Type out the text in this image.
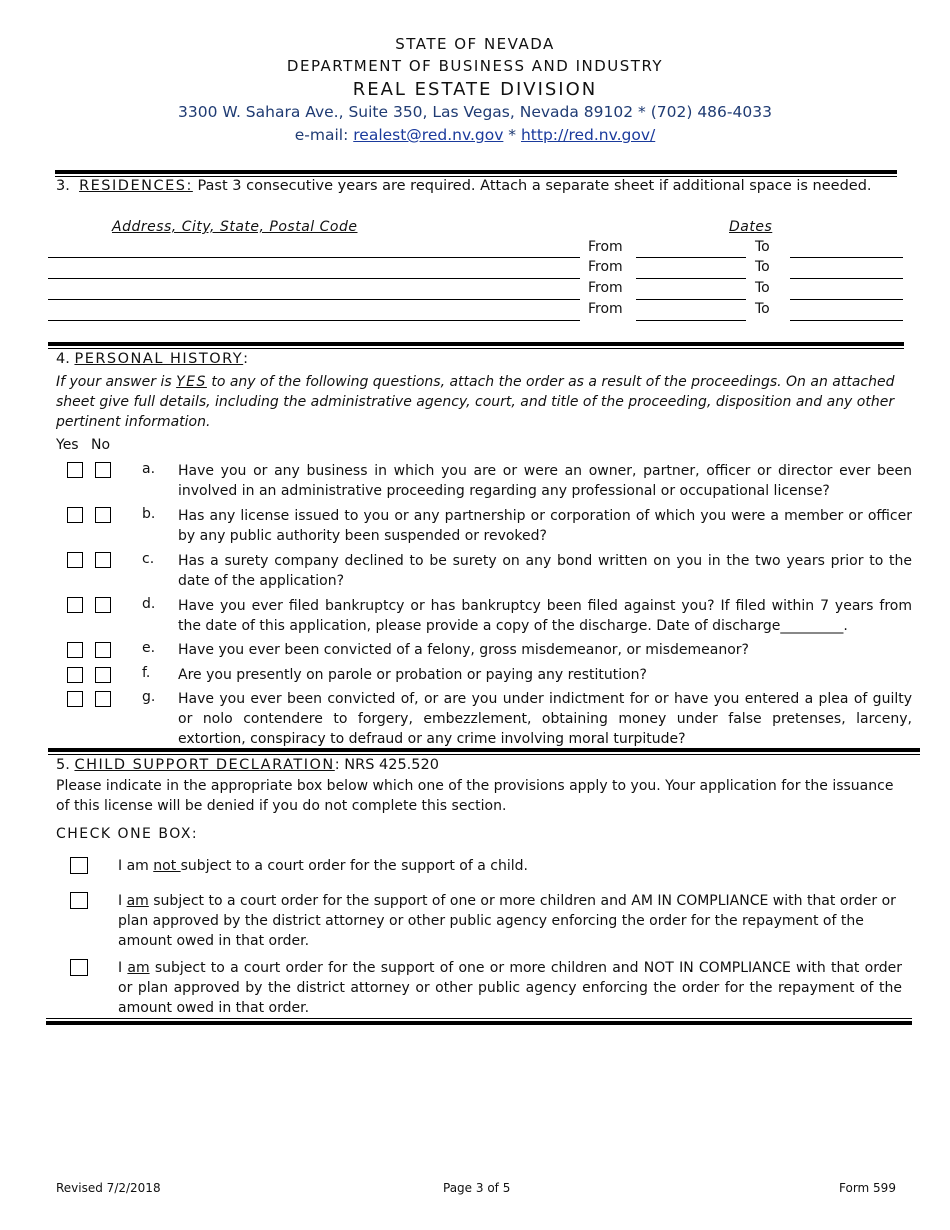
STATE OF NEVADA
DEPARTMENT OF BUSINESS AND INDUSTRY
REAL ESTATE DIVISION
3300 W. Sahara Ave., Suite 350, Las Vegas, Nevada 89102 * (702) 486-4033
e-mail: realest@red.nv.gov * http://red.nv.gov/
3. RESIDENCES: Past 3 consecutive years are required. Attach a separate sheet if additional space is needed.
Address, City, State, Postal Code	Dates
From	To
From	To
From	To
From	To
4. PERSONAL HISTORY:
If your answer is YES to any of the following questions, attach the order as a result of the proceedings. On an attached sheet give full details, including the administrative agency, court, and title of the proceeding, disposition and any other pertinent information.
Yes No
a. Have you or any business in which you are or were an owner, partner, officer or director ever been involved in an administrative proceeding regarding any professional or occupational license?
b. Has any license issued to you or any partnership or corporation of which you were a member or officer by any public authority been suspended or revoked?
c. Has a surety company declined to be surety on any bond written on you in the two years prior to the date of the application?
d. Have you ever filed bankruptcy or has bankruptcy been filed against you? If filed within 7 years from the date of this application, please provide a copy of the discharge. Date of discharge_________.
e. Have you ever been convicted of a felony, gross misdemeanor, or misdemeanor?
f. Are you presently on parole or probation or paying any restitution?
g. Have you ever been convicted of, or are you under indictment for or have you entered a plea of guilty or nolo contendere to forgery, embezzlement, obtaining money under false pretenses, larceny, extortion, conspiracy to defraud or any crime involving moral turpitude?
5. CHILD SUPPORT DECLARATION: NRS 425.520
Please indicate in the appropriate box below which one of the provisions apply to you. Your application for the issuance of this license will be denied if you do not complete this section.
CHECK ONE BOX:
I am not subject to a court order for the support of a child.
I am subject to a court order for the support of one or more children and AM IN COMPLIANCE with that order or plan approved by the district attorney or other public agency enforcing the order for the repayment of the amount owed in that order.
I am subject to a court order for the support of one or more children and NOT IN COMPLIANCE with that order or plan approved by the district attorney or other public agency enforcing the order for the repayment of the amount owed in that order.
Revised 7/2/2018	Page 3 of 5	Form 599
